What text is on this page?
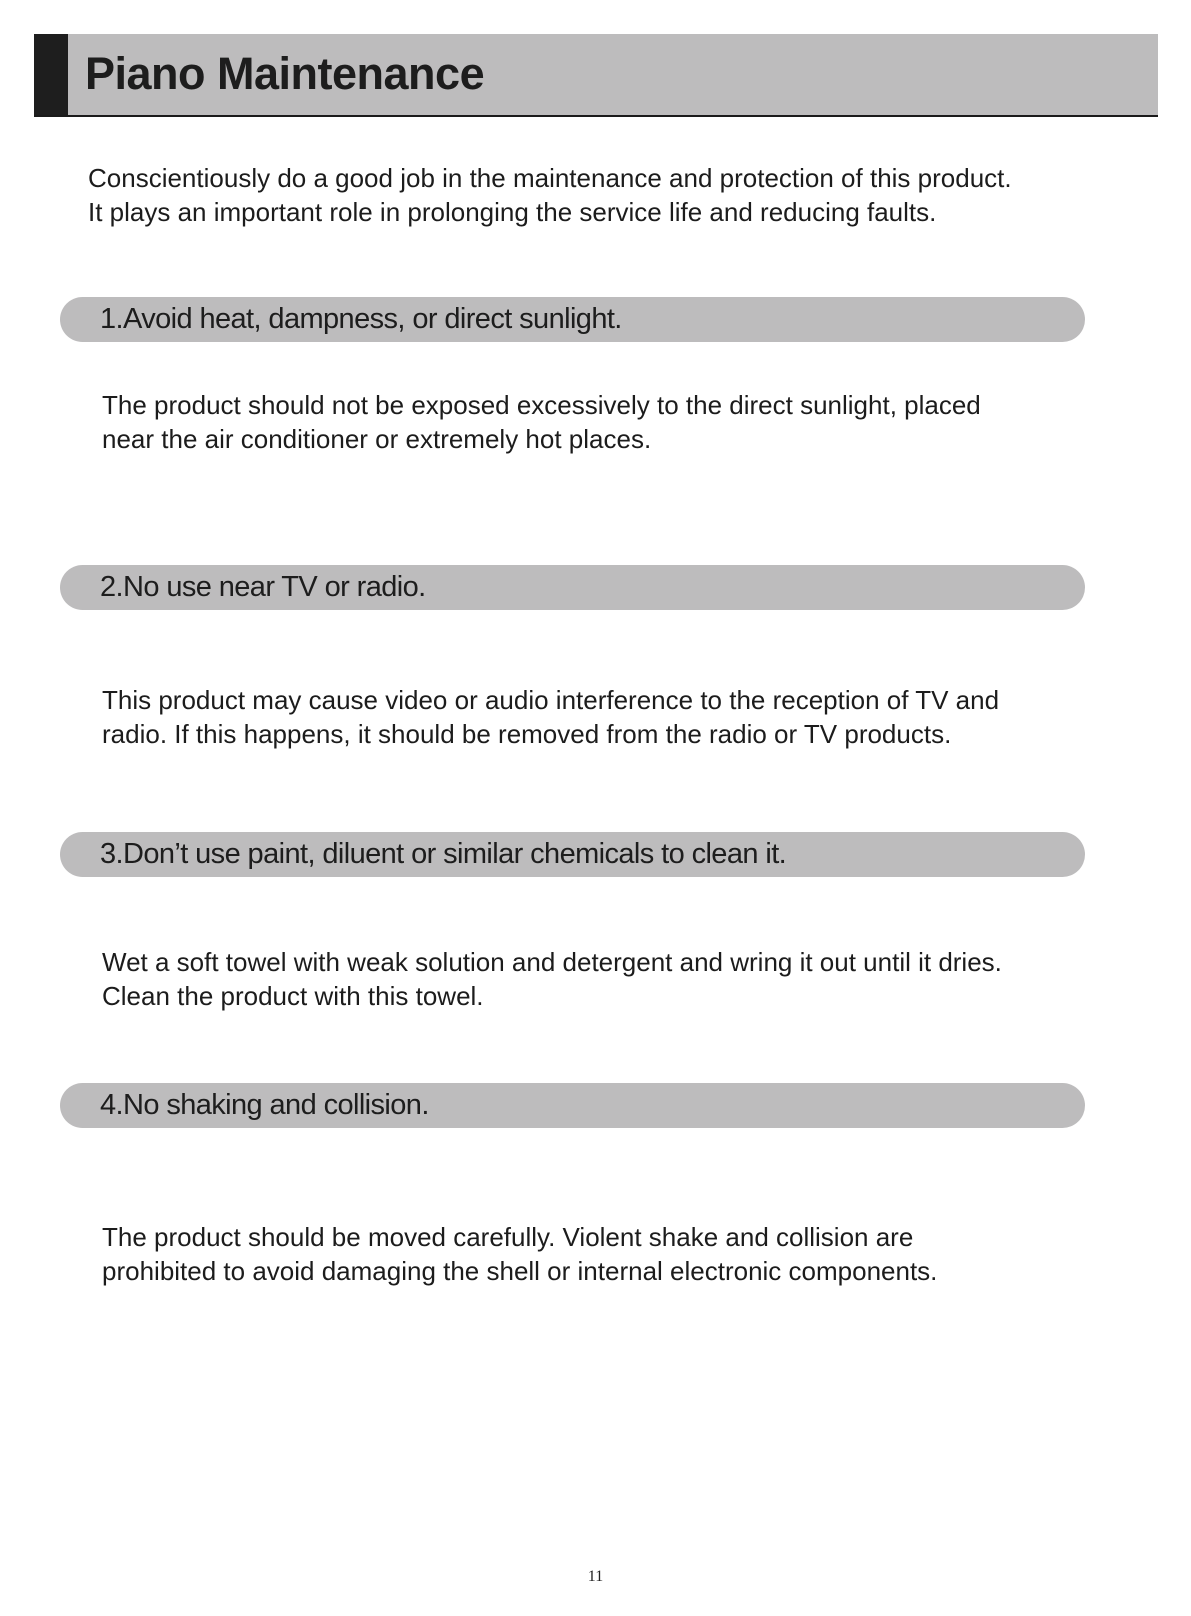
Piano Maintenance
Conscientiously do a good job in the maintenance and protection of this product.
It plays an important role in prolonging the service life and reducing faults.
1.Avoid heat, dampness, or direct sunlight.
The product should not be exposed excessively to the direct sunlight, placed
near the air conditioner or extremely hot places.
2.No use near TV or radio.
This product may cause video or audio interference to the reception of TV and
radio. If this happens, it should be removed from the radio or TV products.
3.Don’t use paint, diluent or similar chemicals to clean it.
Wet a soft towel with weak solution and detergent and wring it out until it dries.
Clean the product with this towel.
4.No shaking and collision.
The product should be moved carefully. Violent shake and collision are
prohibited to avoid damaging the shell or internal electronic components.
11
